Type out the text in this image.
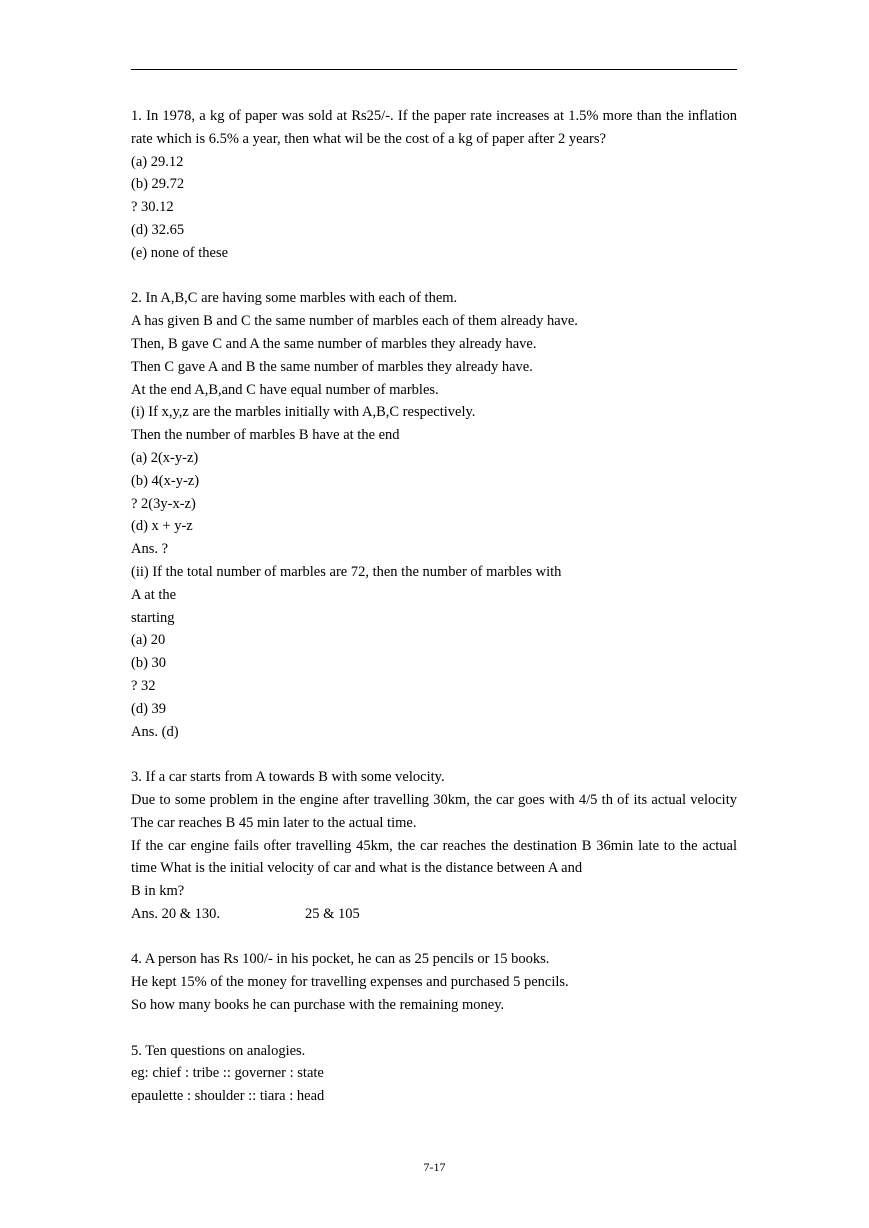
1. In 1978, a kg of paper was sold at Rs25/-. If the paper rate increases at 1.5% more than the inflation rate which is 6.5% a year, then what wil be the cost of a kg of paper after 2 years?
(a) 29.12
(b) 29.72
? 30.12
(d) 32.65
(e) none of these
2. In A,B,C are having some marbles with each of them.
A has given B and C the same number of marbles each of them already have.
Then, B gave C and A the same number of marbles they already have.
Then C gave A and B the same number of marbles they already have.
At the end A,B,and C have equal number of marbles.
(i) If x,y,z are the marbles initially with A,B,C respectively.
Then the number of marbles B have at the end
(a) 2(x-y-z)
(b) 4(x-y-z)
? 2(3y-x-z)
(d) x + y-z
Ans. ?
(ii) If the total number of marbles are 72, then the number of marbles with
A at the
starting
(a) 20
(b) 30
? 32
(d) 39
Ans. (d)
3. If a car starts from A towards B with some velocity.
Due to some problem in the engine after travelling 30km, the car goes with 4/5 th of its actual velocity The car reaches B 45 min later to the actual time.
If the car engine fails ofter travelling 45km, the car reaches the destination B 36min late to the actual time What is the initial velocity of car and what is the distance between A and
B in km?
Ans. 20 & 130.	25 & 105
4. A person has Rs 100/- in his pocket, he can as 25 pencils or 15 books.
He kept 15% of the money for travelling expenses and purchased 5 pencils.
So how many books he can purchase with the remaining money.
5. Ten questions on analogies.
eg: chief : tribe :: governer : state
epaulette : shoulder :: tiara : head
7-17
